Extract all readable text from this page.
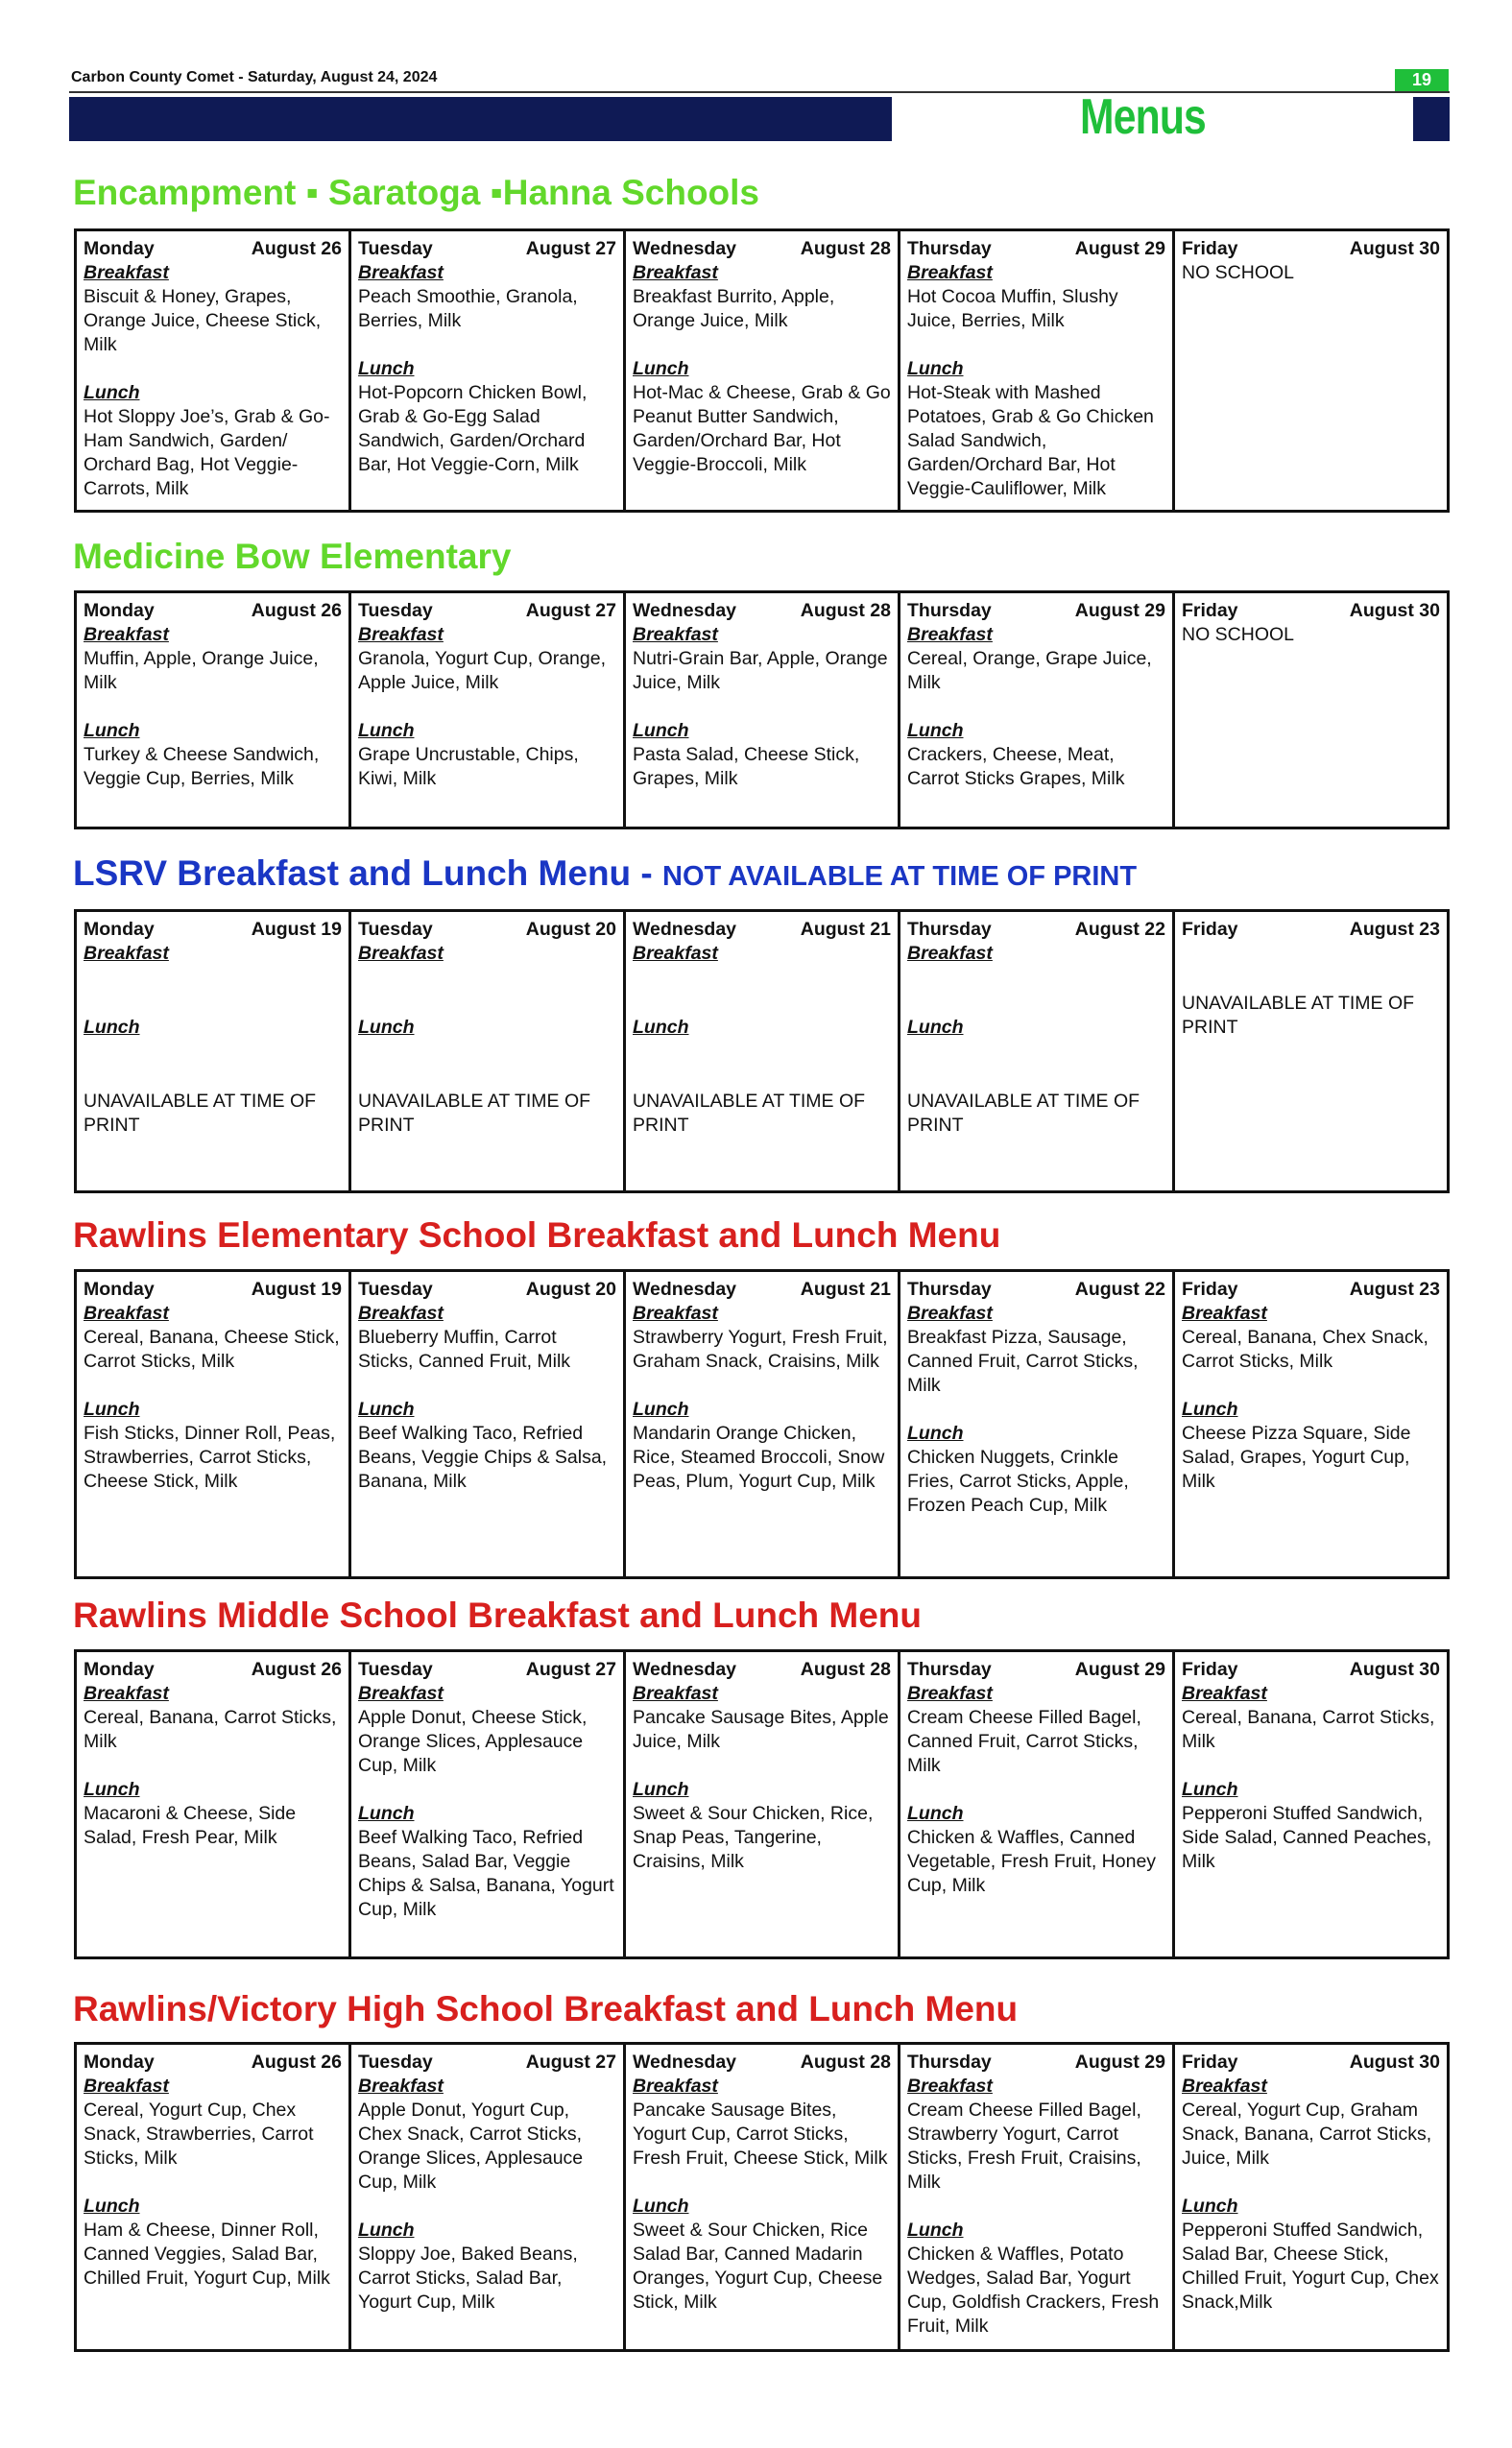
Carbon County Comet - Saturday, August 24, 2024	19
Menus
Encampment ▪ Saratoga ▪Hanna Schools
Monday	August 26
Breakfast
Biscuit & Honey, Grapes, Orange Juice, Cheese Stick, Milk
Lunch
Hot Sloppy Joe’s, Grab & Go-Ham Sandwich, Garden/ Orchard Bag, Hot Veggie- Carrots, Milk

Tuesday	August 27
Breakfast
Peach Smoothie, Granola, Berries, Milk
Lunch
Hot-Popcorn Chicken Bowl, Grab & Go-Egg Salad Sandwich, Garden/Orchard Bar, Hot Veggie-Corn, Milk

Wednesday	August 28
Breakfast
Breakfast Burrito, Apple, Orange Juice, Milk
Lunch
Hot-Mac & Cheese, Grab & Go Peanut Butter Sandwich, Garden/Orchard Bar, Hot Veggie-Broccoli, Milk

Thursday	August 29
Breakfast
Hot Cocoa Muffin, Slushy Juice, Berries, Milk
Lunch
Hot-Steak with Mashed Potatoes, Grab & Go Chicken Salad Sandwich, Garden/Orchard Bar, Hot Veggie-Cauliflower, Milk

Friday	August 30
NO SCHOOL
Medicine Bow Elementary
Monday	August 26
Breakfast
Muffin, Apple, Orange Juice, Milk
Lunch
Turkey & Cheese Sandwich, Veggie Cup, Berries, Milk

Tuesday	August 27
Breakfast
Granola, Yogurt Cup, Orange, Apple Juice, Milk
Lunch
Grape Uncrustable, Chips, Kiwi, Milk

Wednesday	August 28
Breakfast
Nutri-Grain Bar, Apple, Orange Juice, Milk
Lunch
Pasta Salad, Cheese Stick, Grapes, Milk

Thursday	August 29
Breakfast
Cereal, Orange, Grape Juice, Milk
Lunch
Crackers, Cheese, Meat, Carrot Sticks Grapes, Milk

Friday	August 30
NO SCHOOL
LSRV Breakfast and Lunch Menu - NOT AVAILABLE AT TIME OF PRINT
Monday	August 19
Breakfast
Lunch
UNAVAILABLE AT TIME OF PRINT

Tuesday	August 20
Breakfast
Lunch
UNAVAILABLE AT TIME OF PRINT

Wednesday	August 21
Breakfast
Lunch
UNAVAILABLE AT TIME OF PRINT

Thursday	August 22
Breakfast
Lunch
UNAVAILABLE AT TIME OF PRINT

Friday	August 23
UNAVAILABLE AT TIME OF PRINT
Rawlins Elementary School Breakfast and Lunch Menu
Monday	August 19
Breakfast
Cereal, Banana, Cheese Stick, Carrot Sticks, Milk
Lunch
Fish Sticks, Dinner Roll, Peas, Strawberries, Carrot Sticks, Cheese Stick, Milk

Tuesday	August 20
Breakfast
Blueberry Muffin, Carrot Sticks, Canned Fruit, Milk
Lunch
Beef Walking Taco, Refried Beans, Veggie Chips & Salsa, Banana, Milk

Wednesday	August 21
Breakfast
Strawberry Yogurt, Fresh Fruit, Graham Snack, Craisins, Milk
Lunch
Mandarin Orange Chicken, Rice, Steamed Broccoli, Snow Peas, Plum, Yogurt Cup, Milk

Thursday	August 22
Breakfast
Breakfast Pizza, Sausage, Canned Fruit, Carrot Sticks, Milk
Lunch
Chicken Nuggets, Crinkle Fries, Carrot Sticks, Apple, Frozen Peach Cup, Milk

Friday	August 23
Breakfast
Cereal, Banana, Chex Snack, Carrot Sticks, Milk
Lunch
Cheese Pizza Square, Side Salad, Grapes, Yogurt Cup, Milk
Rawlins Middle School Breakfast and Lunch Menu
Monday	August 26
Breakfast
Cereal, Banana, Carrot Sticks, Milk
Lunch
Macaroni & Cheese, Side Salad, Fresh Pear, Milk

Tuesday	August 27
Breakfast
Apple Donut, Cheese Stick, Orange Slices, Applesauce Cup, Milk
Lunch
Beef Walking Taco, Refried Beans, Salad Bar, Veggie Chips & Salsa, Banana, Yogurt Cup, Milk

Wednesday	August 28
Breakfast
Pancake Sausage Bites, Apple Juice, Milk
Lunch
Sweet & Sour Chicken, Rice, Snap Peas, Tangerine, Craisins, Milk

Thursday	August 29
Breakfast
Cream Cheese Filled Bagel, Canned Fruit, Carrot Sticks, Milk
Lunch
Chicken & Waffles, Canned Vegetable, Fresh Fruit, Honey Cup, Milk

Friday	August 30
Breakfast
Cereal, Banana, Carrot Sticks, Milk
Lunch
Pepperoni Stuffed Sandwich, Side Salad, Canned Peaches, Milk
Rawlins/Victory High School Breakfast and Lunch Menu
Monday	August 26
Breakfast
Cereal, Yogurt Cup, Chex Snack, Strawberries, Carrot Sticks, Milk
Lunch
Ham & Cheese, Dinner Roll, Canned Veggies, Salad Bar, Chilled Fruit, Yogurt Cup, Milk

Tuesday	August 27
Breakfast
Apple Donut, Yogurt Cup, Chex Snack, Carrot Sticks, Orange Slices, Applesauce Cup, Milk
Lunch
Sloppy Joe, Baked Beans, Carrot Sticks, Salad Bar, Yogurt Cup, Milk

Wednesday	August 28
Breakfast
Pancake Sausage Bites, Yogurt Cup, Carrot Sticks, Fresh Fruit, Cheese Stick, Milk
Lunch
Sweet & Sour Chicken, Rice Salad Bar, Canned Madarin Oranges, Yogurt Cup, Cheese Stick, Milk

Thursday	August 29
Breakfast
Cream Cheese Filled Bagel, Strawberry Yogurt, Carrot Sticks, Fresh Fruit, Craisins, Milk
Lunch
Chicken & Waffles, Potato Wedges, Salad Bar, Yogurt Cup, Goldfish Crackers, Fresh Fruit, Milk

Friday	August 30
Breakfast
Cereal, Yogurt Cup, Graham Snack, Banana, Carrot Sticks, Juice, Milk
Lunch
Pepperoni Stuffed Sandwich, Salad Bar, Cheese Stick, Chilled Fruit, Yogurt Cup, Chex Snack,Milk
